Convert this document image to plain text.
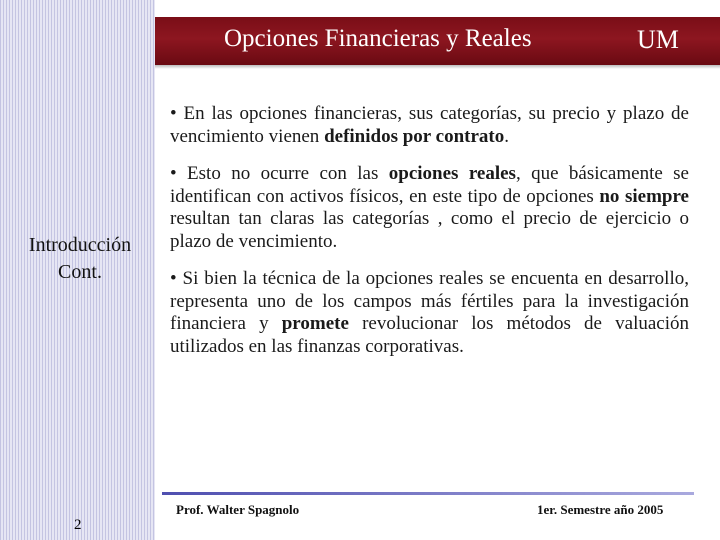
Introducción
Cont.
2
Opciones Financieras y Reales	UM

• En las opciones financieras, sus categorías, su precio y plazo de vencimiento vienen definidos por contrato.

• Esto no ocurre con las opciones reales, que básicamente se identifican con activos físicos, en este tipo de opciones no siempre resultan tan claras las categorías , como el precio de ejercicio o plazo de vencimiento.

• Si bien la técnica de la opciones reales se encuenta en desarrollo, representa uno de los campos más fértiles para la investigación financiera y promete revolucionar los métodos de valuación utilizados en las finanzas corporativas.

Prof. Walter Spagnolo	1er. Semestre año 2005
